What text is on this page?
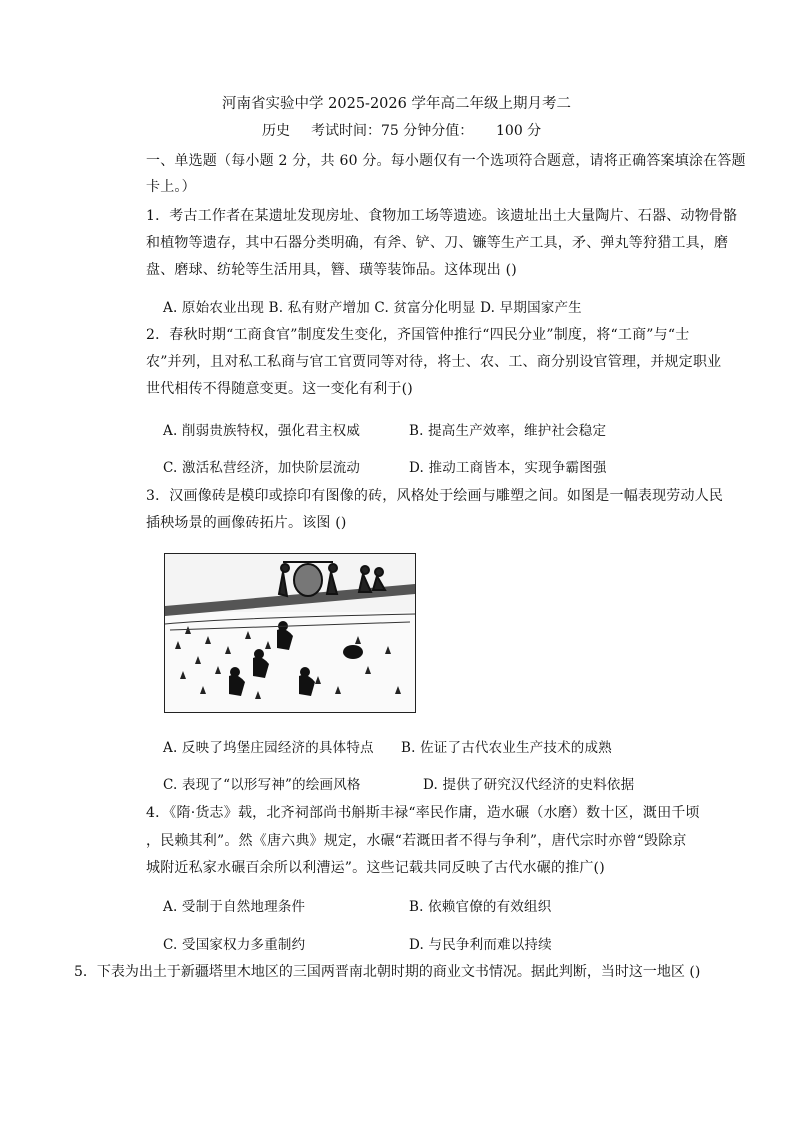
河南省实验中学 2025-2026 学年高二年级上期月考二
历史 考试时间：75 分钟分值： 100 分
一、单选题（每小题 2 分，共 60 分。每小题仅有一个选项符合题意，请将正确答案填涂在答题
卡上。）
1．考古工作者在某遗址发现房址、食物加工场等遗迹。该遗址出土大量陶片、石器、动物骨骼
和植物等遗存，其中石器分类明确，有斧、铲、刀、镰等生产工具，矛、弹丸等狩猎工具，磨
盘、磨球、纺轮等生活用具，簪、璜等装饰品。这体现出 ()
A. 原始农业出现 B. 私有财产增加 C. 贫富分化明显 D. 早期国家产生
2．春秋时期“工商食官”制度发生变化，齐国管仲推行“四民分业”制度，将“工商”与“士
农”并列，且对私工私商与官工官贾同等对待，将士、农、工、商分别设官管理，并规定职业
世代相传不得随意变更。这一变化有利于()
A. 削弱贵族特权，强化君主权威	B. 提高生产效率，维护社会稳定
C. 激活私营经济，加快阶层流动	D. 推动工商皆本，实现争霸图强
3．汉画像砖是模印或捺印有图像的砖，风格处于绘画与雕塑之间。如图是一幅表现劳动人民
插秧场景的画像砖拓片。该图 ()
A. 反映了坞堡庄园经济的具体特点 B. 佐证了古代农业生产技术的成熟
C. 表现了“以形写神”的绘画风格	D. 提供了研究汉代经济的史料依据
4．《隋·货志》载，北齐祠部尚书斛斯丰禄“率民作庸，造水碾（水磨）数十区，溉田千顷
，民赖其利”。然《唐六典》规定，水碾“若溉田者不得与争利”，唐代宗时亦曾“毁除京
城附近私家水碾百余所以利漕运”。这些记载共同反映了古代水碾的推广()
A. 受制于自然地理条件	B. 依赖官僚的有效组织
C. 受国家权力多重制约	D. 与民争利而难以持续
5．下表为出土于新疆塔里木地区的三国两晋南北朝时期的商业文书情况。据此判断，当时这一地区 ()
